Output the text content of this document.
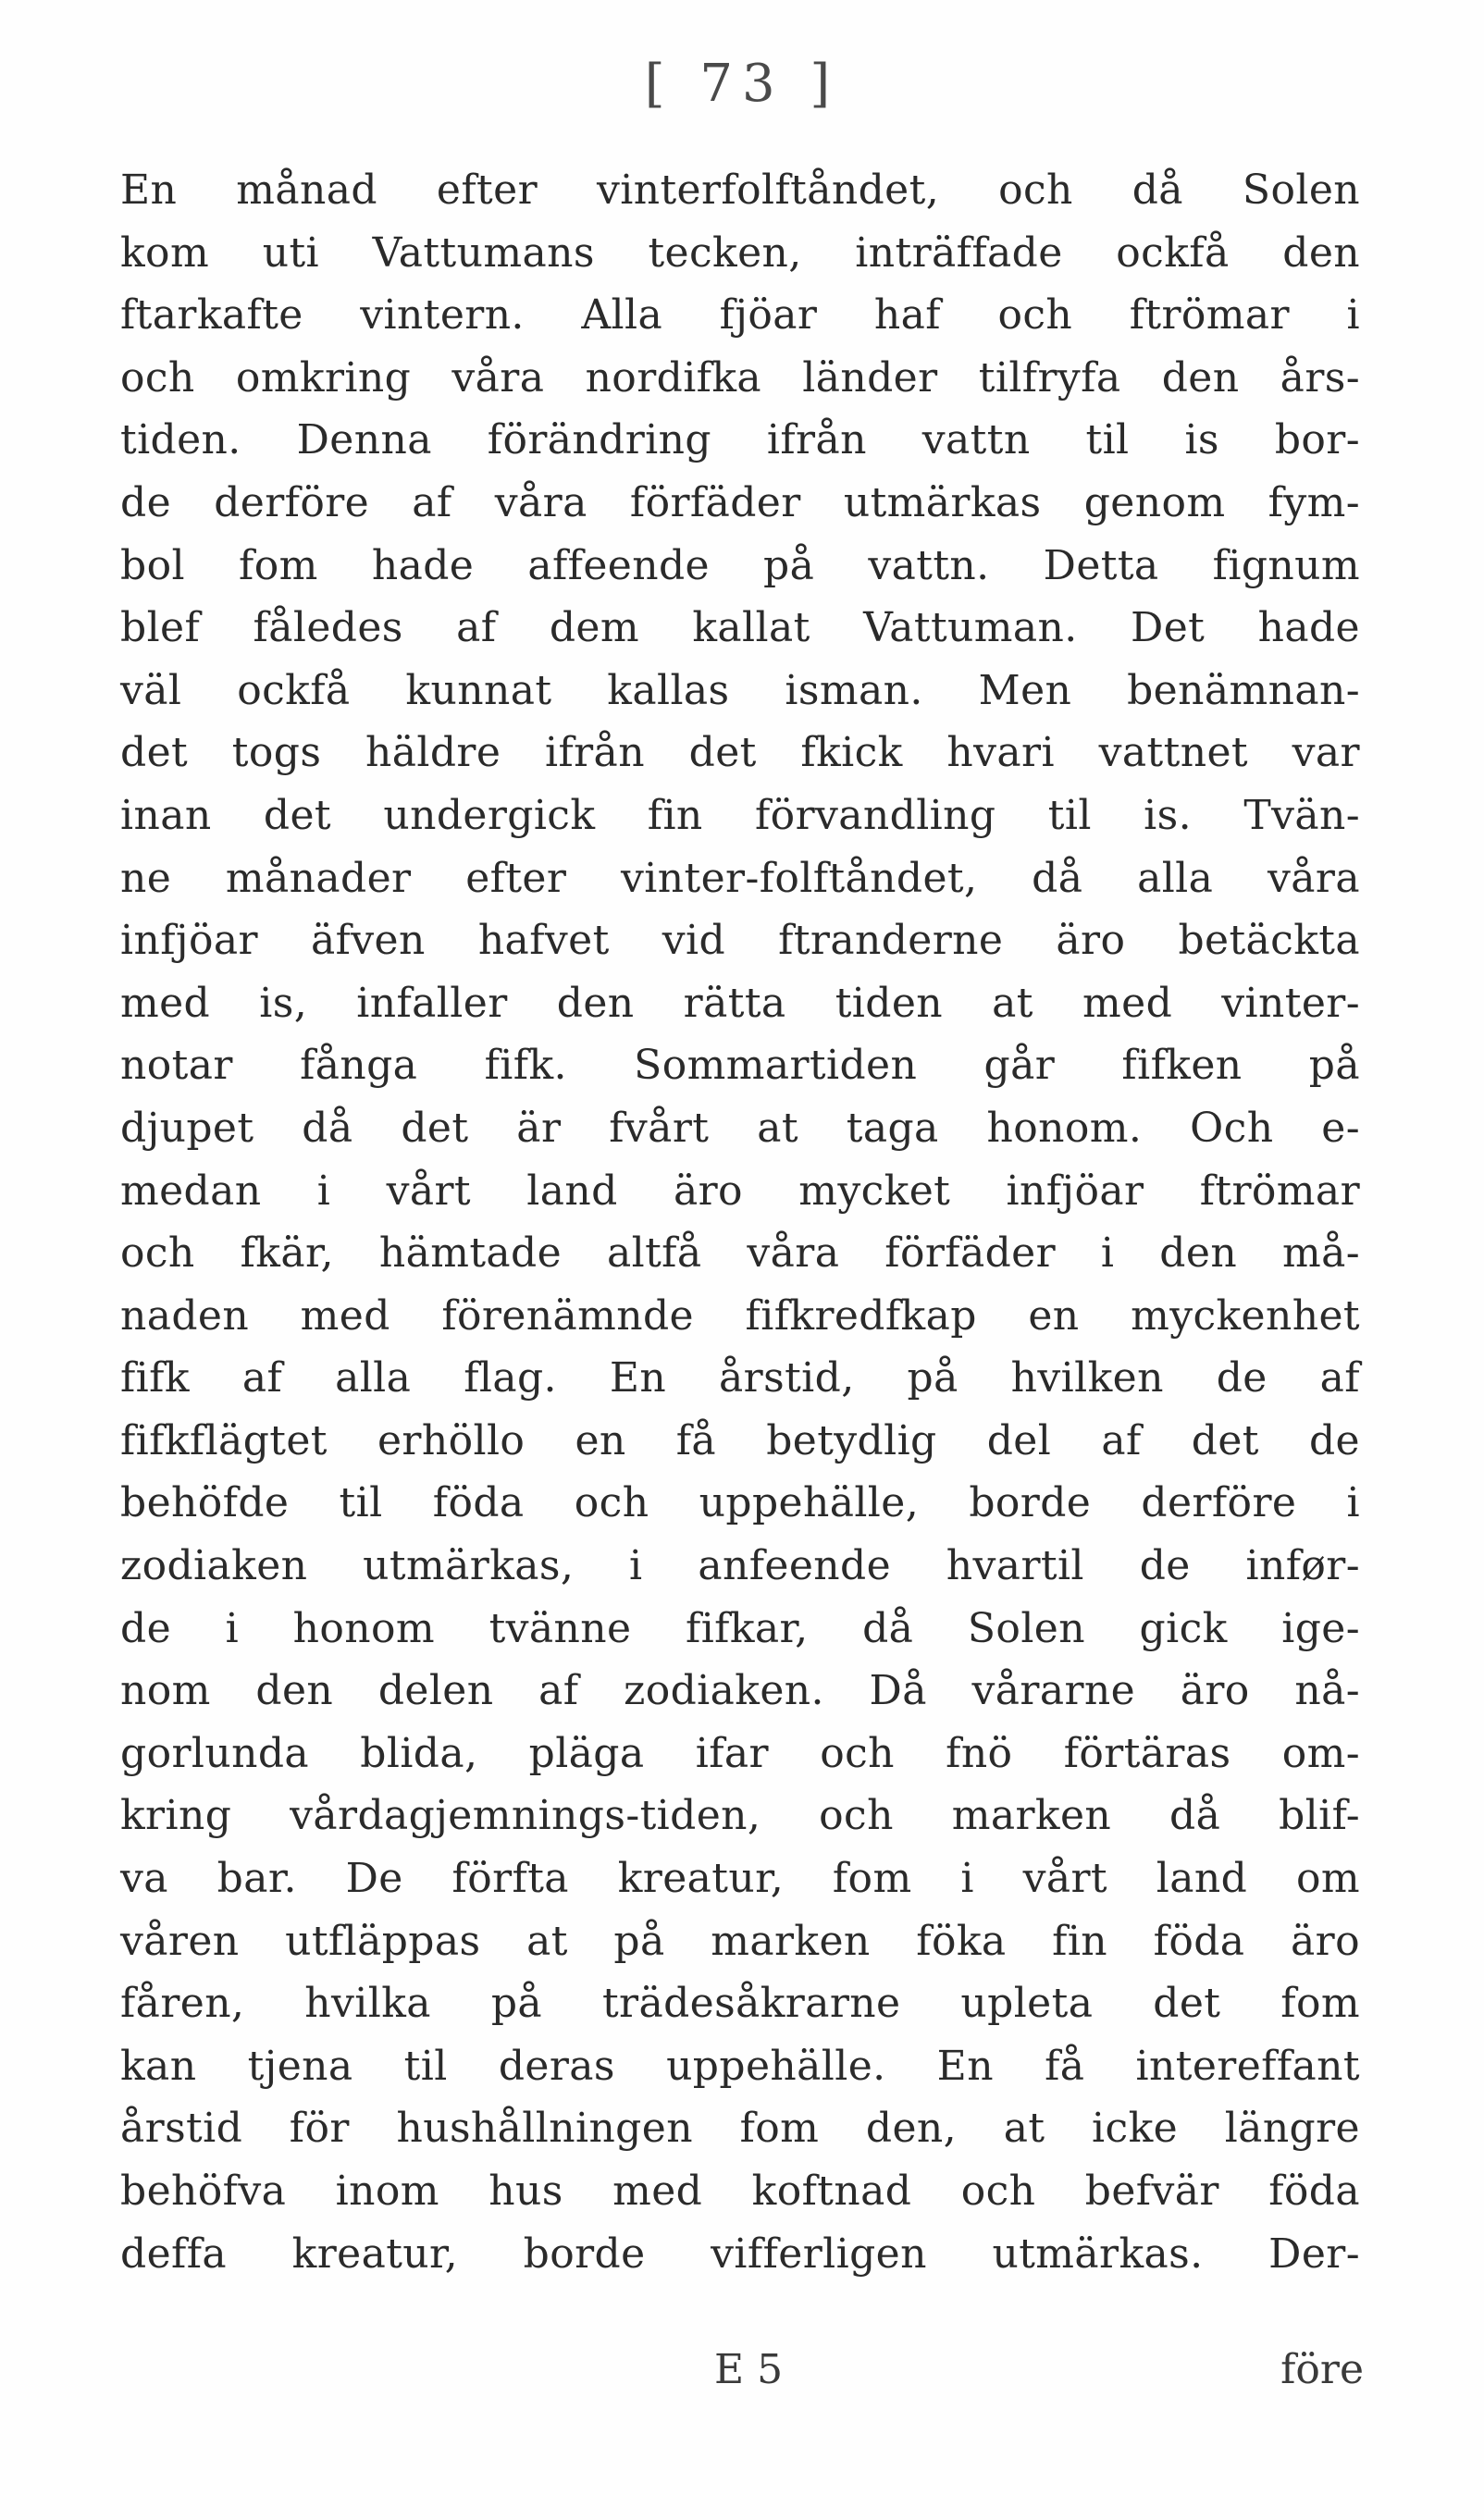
[ 73 ]
En månad efter vinterfolftåndet, och då Solen
kom uti Vattumans tecken, inträffade ockfå den
ftarkafte vintern. Alla fjöar haf och ftrömar i
och omkring våra nordifka länder tilfryfa den års-
tiden. Denna förändring ifrån vattn til is bor-
de derföre af våra förfäder utmärkas genom fym-
bol fom hade affeende på vattn. Detta fignum
blef fåledes af dem kallat Vattuman. Det hade
väl ockfå kunnat kallas isman. Men benämnan-
det togs häldre ifrån det fkick hvari vattnet var
inan det undergick fin förvandling til is. Tvän-
ne månader efter vinter-folftåndet, då alla våra
infjöar äfven hafvet vid ftranderne äro betäckta
med is, infaller den rätta tiden at med vinter-
notar fånga fifk. Sommartiden går fifken på
djupet då det är fvårt at taga honom. Och e-
medan i vårt land äro mycket infjöar ftrömar
och fkär, hämtade altfå våra förfäder i den må-
naden med förenämnde fifkredfkap en myckenhet
fifk af alla flag. En årstid, på hvilken de af
fifkflägtet erhöllo en få betydlig del af det de
behöfde til föda och uppehälle, borde derföre i
zodiaken utmärkas, i anfeende hvartil de infør-
de i honom tvänne fifkar, då Solen gick ige-
nom den delen af zodiaken. Då vårarne äro nå-
gorlunda blida, pläga ifar och fnö förtäras om-
kring vårdagjemnings-tiden, och marken då blif-
va bar. De förfta kreatur, fom i vårt land om
våren utfläppas at på marken föka fin föda äro
fåren, hvilka på trädesåkrarne upleta det fom
kan tjena til deras uppehälle. En få intereffant
årstid för hushållningen fom den, at icke längre
behöfva inom hus med koftnad och befvär föda
deffa kreatur, borde vifferligen utmärkas. Der-
E 5	före
